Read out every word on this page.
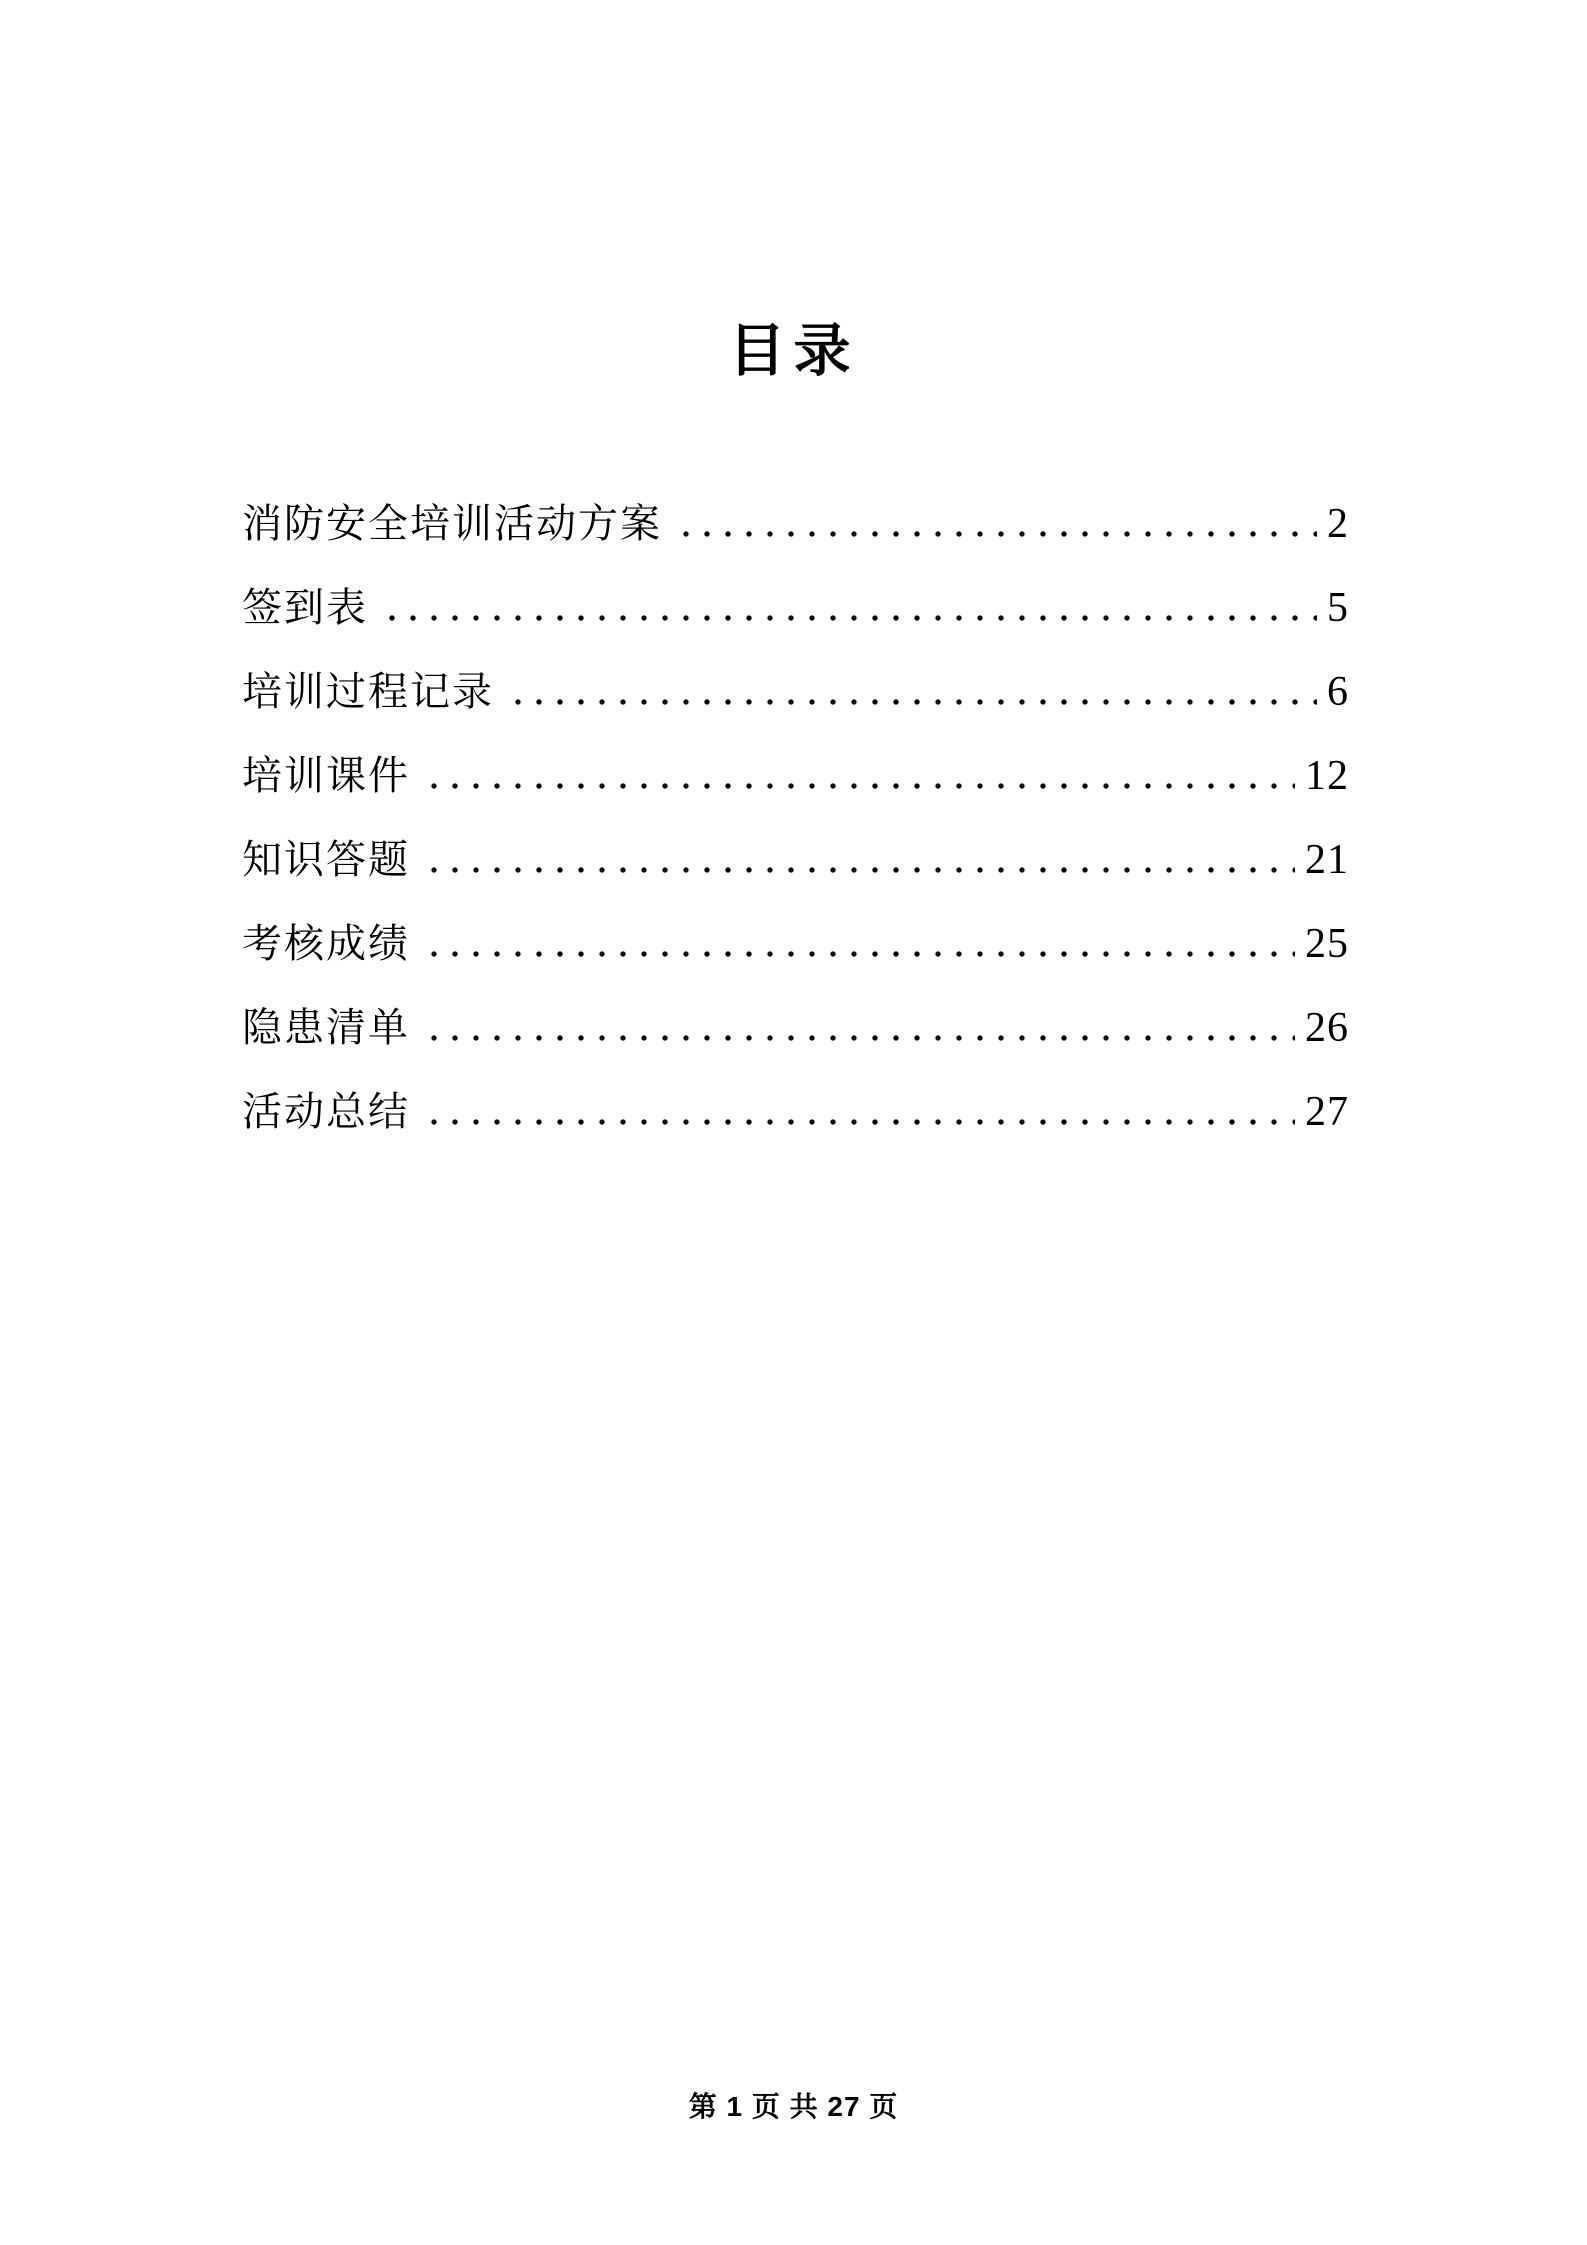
目录
消防安全培训活动方案	2
签到表	5
培训过程记录	6
培训课件	12
知识答题	21
考核成绩	25
隐患清单	26
活动总结	27
第 1 页 共 27 页
